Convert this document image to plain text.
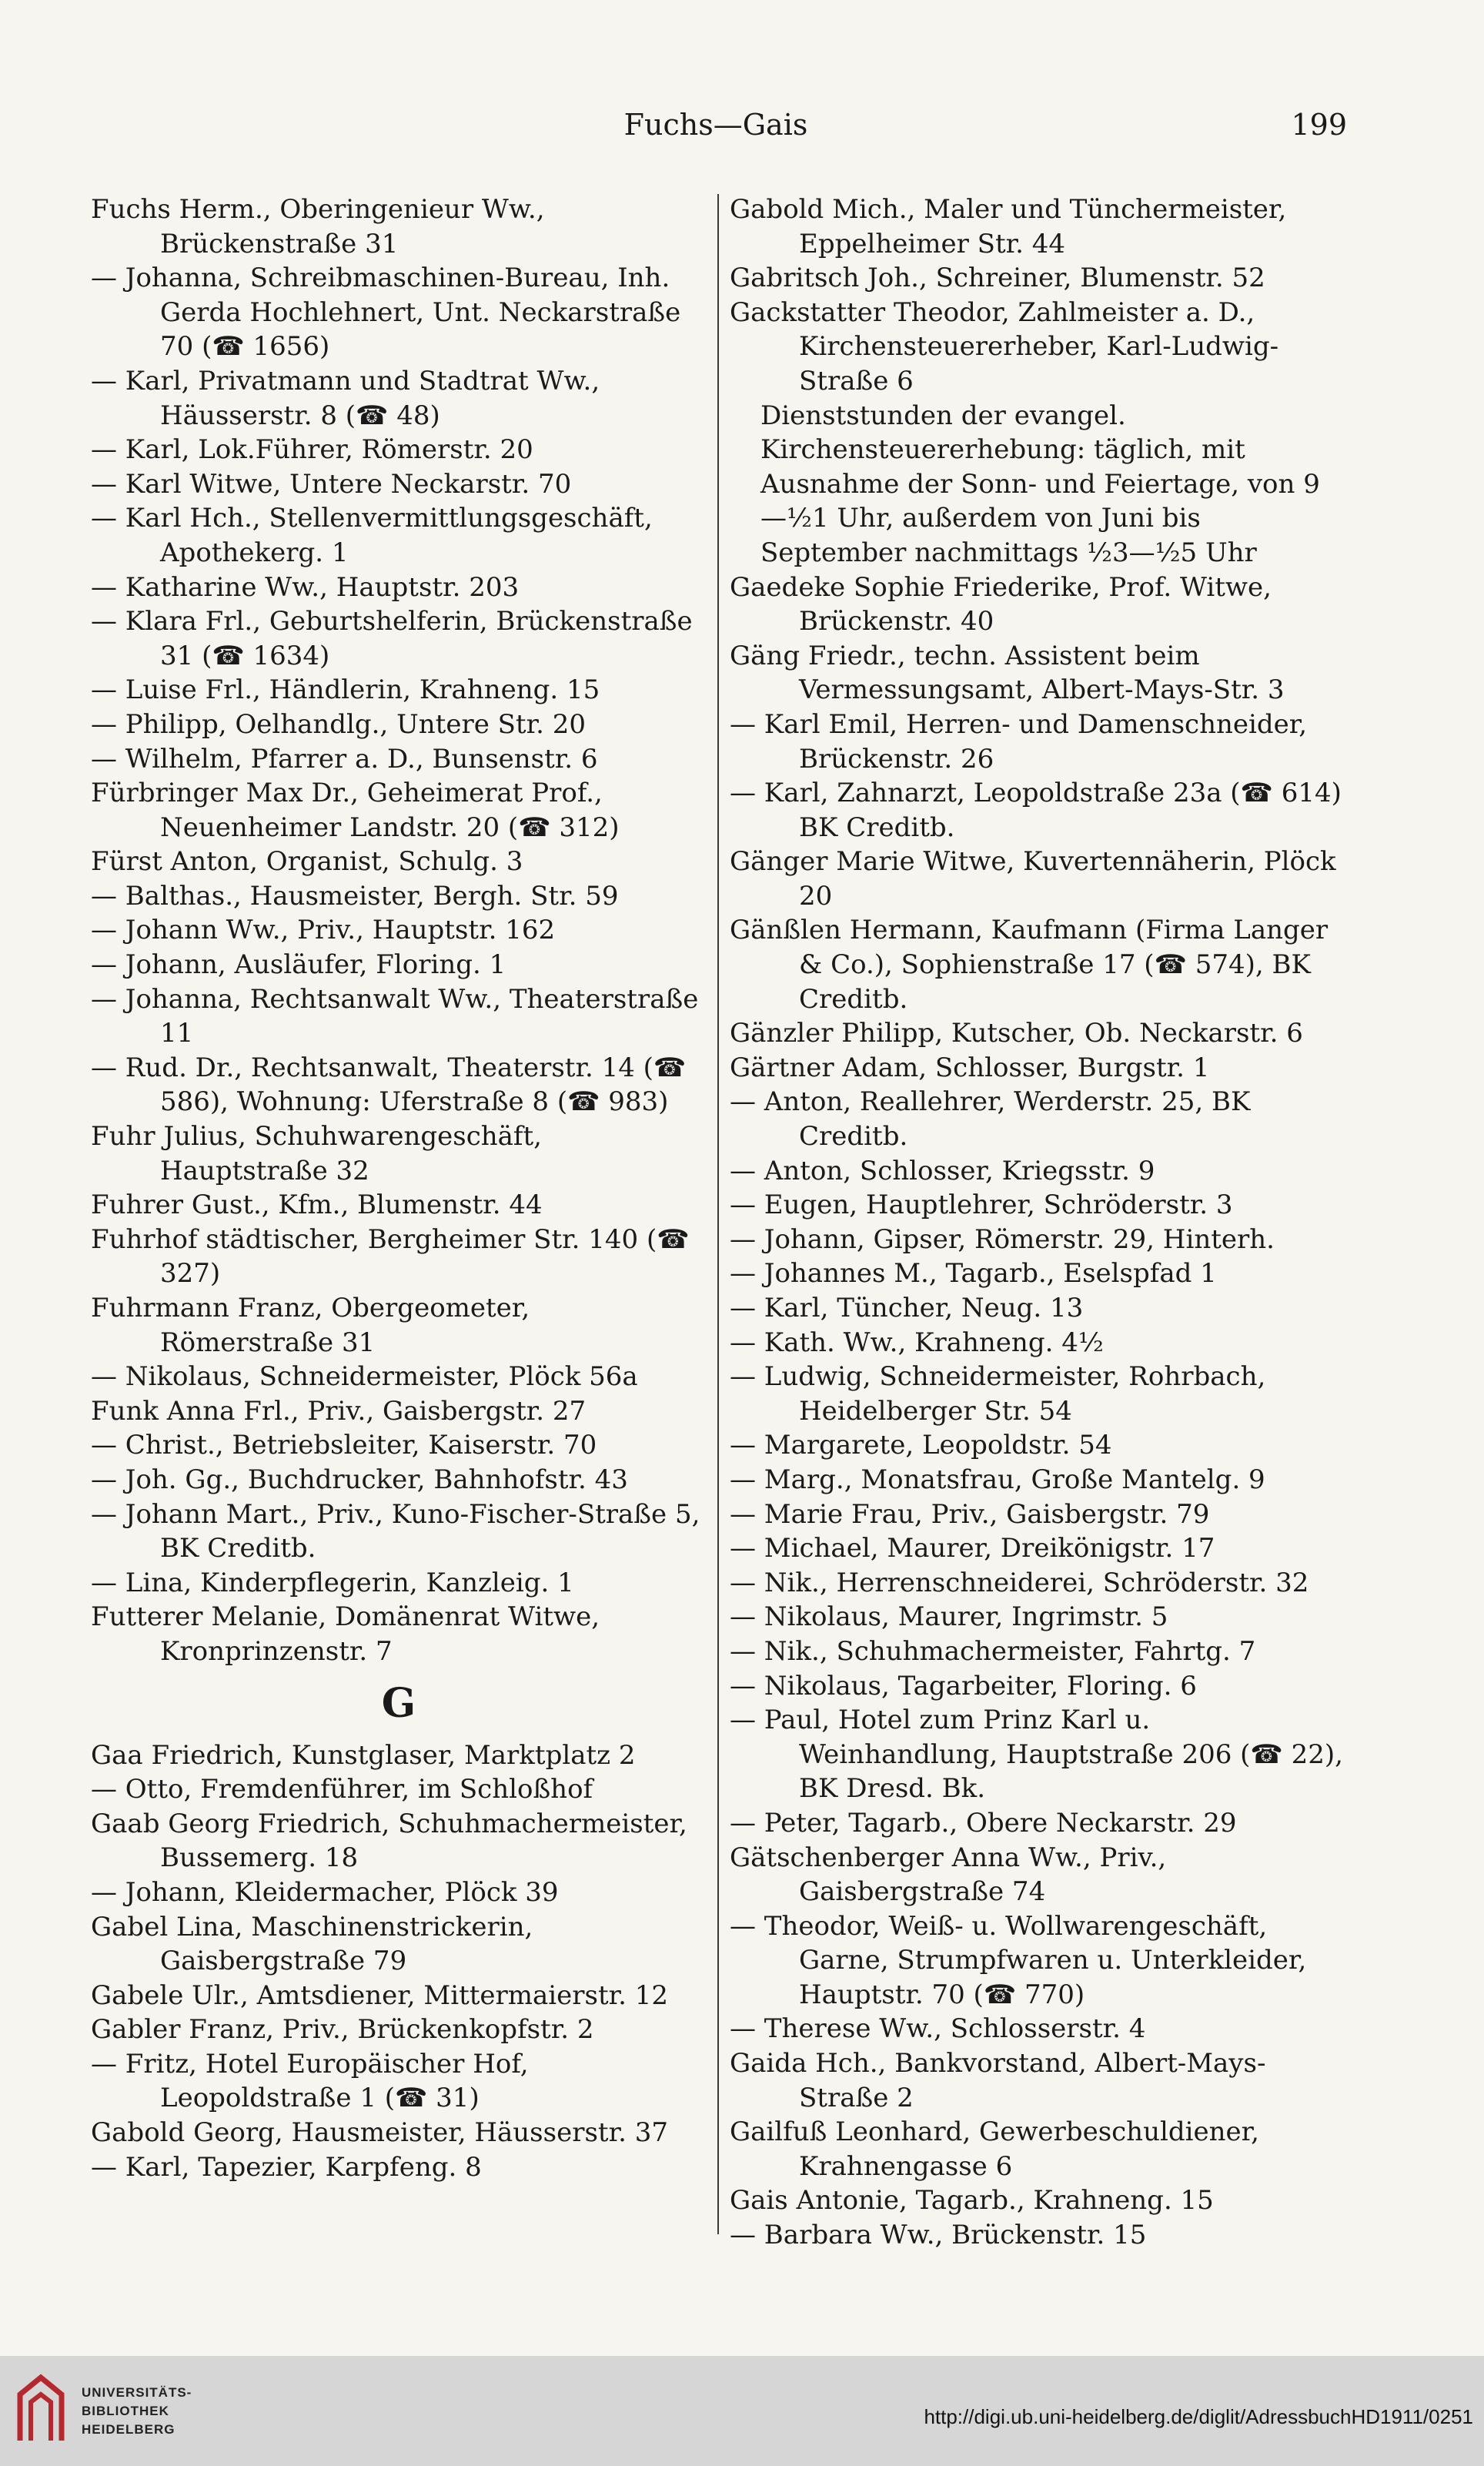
Fuchs—Gais	199
Fuchs Herm., Oberingenieur Ww., Brückenstraße 31
— Johanna, Schreibmaschinen-Bureau, Inh. Gerda Hochlehnert, Unt. Neckarstraße 70 (☎ 1656)
— Karl, Privatmann und Stadtrat Ww., Häusserstr. 8 (☎ 48)
— Karl, Lok.Führer, Römerstr. 20
— Karl Witwe, Untere Neckarstr. 70
— Karl Hch., Stellenvermittlungsgeschäft, Apothekerg. 1
— Katharine Ww., Hauptstr. 203
— Klara Frl., Geburtshelferin, Brückenstraße 31 (☎ 1634)
— Luise Frl., Händlerin, Krahneng. 15
— Philipp, Oelhandlg., Untere Str. 20
— Wilhelm, Pfarrer a. D., Bunsenstr. 6
Fürbringer Max Dr., Geheimerat Prof., Neuenheimer Landstr. 20 (☎ 312)
Fürst Anton, Organist, Schulg. 3
— Balthas., Hausmeister, Bergh. Str. 59
— Johann Ww., Priv., Hauptstr. 162
— Johann, Ausläufer, Floring. 1
— Johanna, Rechtsanwalt Ww., Theaterstraße 11
— Rud. Dr., Rechtsanwalt, Theaterstr. 14 (☎ 586), Wohnung: Uferstraße 8 (☎ 983)
Fuhr Julius, Schuhwarengeschäft, Hauptstraße 32
Fuhrer Gust., Kfm., Blumenstr. 44
Fuhrhof städtischer, Bergheimer Str. 140 (☎ 327)
Fuhrmann Franz, Obergeometer, Römerstraße 31
— Nikolaus, Schneidermeister, Plöck 56a
Funk Anna Frl., Priv., Gaisbergstr. 27
— Christ., Betriebsleiter, Kaiserstr. 70
— Joh. Gg., Buchdrucker, Bahnhofstr. 43
— Johann Mart., Priv., Kuno-Fischer-Straße 5, BK Creditb.
— Lina, Kinderpflegerin, Kanzleig. 1
Futterer Melanie, Domänenrat Witwe, Kronprinzenstr. 7
G
Gaa Friedrich, Kunstglaser, Marktplatz 2
— Otto, Fremdenführer, im Schloßhof
Gaab Georg Friedrich, Schuhmachermeister, Bussemerg. 18
— Johann, Kleidermacher, Plöck 39
Gabel Lina, Maschinenstrickerin, Gaisbergstraße 79
Gabele Ulr., Amtsdiener, Mittermaierstr. 12
Gabler Franz, Priv., Brückenkopfstr. 2
— Fritz, Hotel Europäischer Hof, Leopoldstraße 1 (☎ 31)
Gabold Georg, Hausmeister, Häusserstr. 37
— Karl, Tapezier, Karpfeng. 8
Gabold Mich., Maler und Tünchermeister, Eppelheimer Str. 44
Gabritsch Joh., Schreiner, Blumenstr. 52
Gackstatter Theodor, Zahlmeister a. D., Kirchensteuererheber, Karl-Ludwig-Straße 6
Dienststunden der evangel. Kirchensteuererhebung: täglich, mit Ausnahme der Sonn- und Feiertage, von 9—½1 Uhr, außerdem von Juni bis September nachmittags ½3—½5 Uhr
Gaedeke Sophie Friederike, Prof. Witwe, Brückenstr. 40
Gäng Friedr., techn. Assistent beim Vermessungsamt, Albert-Mays-Str. 3
— Karl Emil, Herren- und Damenschneider, Brückenstr. 26
— Karl, Zahnarzt, Leopoldstraße 23a (☎ 614) BK Creditb.
Gänger Marie Witwe, Kuvertennäherin, Plöck 20
Gänßlen Hermann, Kaufmann (Firma Langer & Co.), Sophienstraße 17 (☎ 574), BK Creditb.
Gänzler Philipp, Kutscher, Ob. Neckarstr. 6
Gärtner Adam, Schlosser, Burgstr. 1
— Anton, Reallehrer, Werderstr. 25, BK Creditb.
— Anton, Schlosser, Kriegsstr. 9
— Eugen, Hauptlehrer, Schröderstr. 3
— Johann, Gipser, Römerstr. 29, Hinterh.
— Johannes M., Tagarb., Eselspfad 1
— Karl, Tüncher, Neug. 13
— Kath. Ww., Krahneng. 4½
— Ludwig, Schneidermeister, Rohrbach, Heidelberger Str. 54
— Margarete, Leopoldstr. 54
— Marg., Monatsfrau, Große Mantelg. 9
— Marie Frau, Priv., Gaisbergstr. 79
— Michael, Maurer, Dreikönigstr. 17
— Nik., Herrenschneiderei, Schröderstr. 32
— Nikolaus, Maurer, Ingrimstr. 5
— Nik., Schuhmachermeister, Fahrtg. 7
— Nikolaus, Tagarbeiter, Floring. 6
— Paul, Hotel zum Prinz Karl u. Weinhandlung, Hauptstraße 206 (☎ 22), BK Dresd. Bk.
— Peter, Tagarb., Obere Neckarstr. 29
Gätschenberger Anna Ww., Priv., Gaisbergstraße 74
— Theodor, Weiß- u. Wollwarengeschäft, Garne, Strumpfwaren u. Unterkleider, Hauptstr. 70 (☎ 770)
— Therese Ww., Schlosserstr. 4
Gaida Hch., Bankvorstand, Albert-Mays-Straße 2
Gailfuß Leonhard, Gewerbeschuldiener, Krahnengasse 6
Gais Antonie, Tagarb., Krahneng. 15
— Barbara Ww., Brückenstr. 15
UNIVERSITÄTS-
BIBLIOTHEK
HEIDELBERG
http://digi.ub.uni-heidelberg.de/diglit/AdressbuchHD1911/0251
